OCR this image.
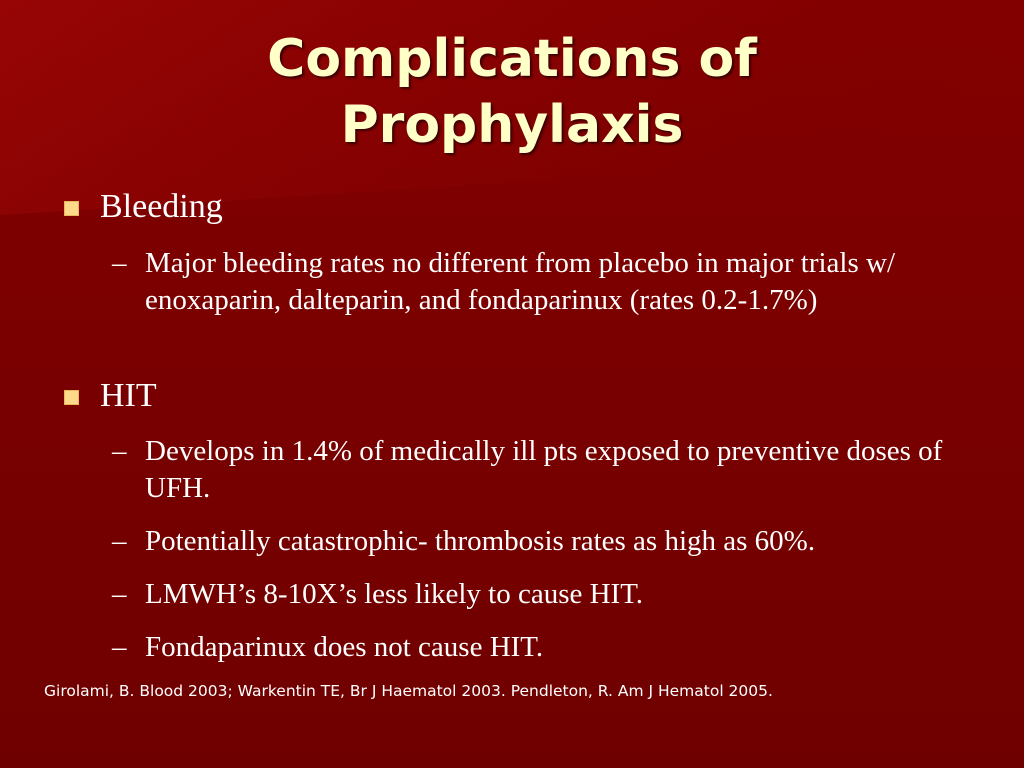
Complications of
Prophylaxis
Bleeding
– Major bleeding rates no different from placebo in major trials w/ enoxaparin, dalteparin, and fondaparinux (rates 0.2-1.7%)
HIT
– Develops in 1.4% of medically ill pts exposed to preventive doses of UFH.
– Potentially catastrophic- thrombosis rates as high as 60%.
– LMWH’s 8-10X’s less likely to cause HIT.
– Fondaparinux does not cause HIT.
Girolami, B. Blood 2003; Warkentin TE, Br J Haematol 2003. Pendleton, R. Am J Hematol 2005.
